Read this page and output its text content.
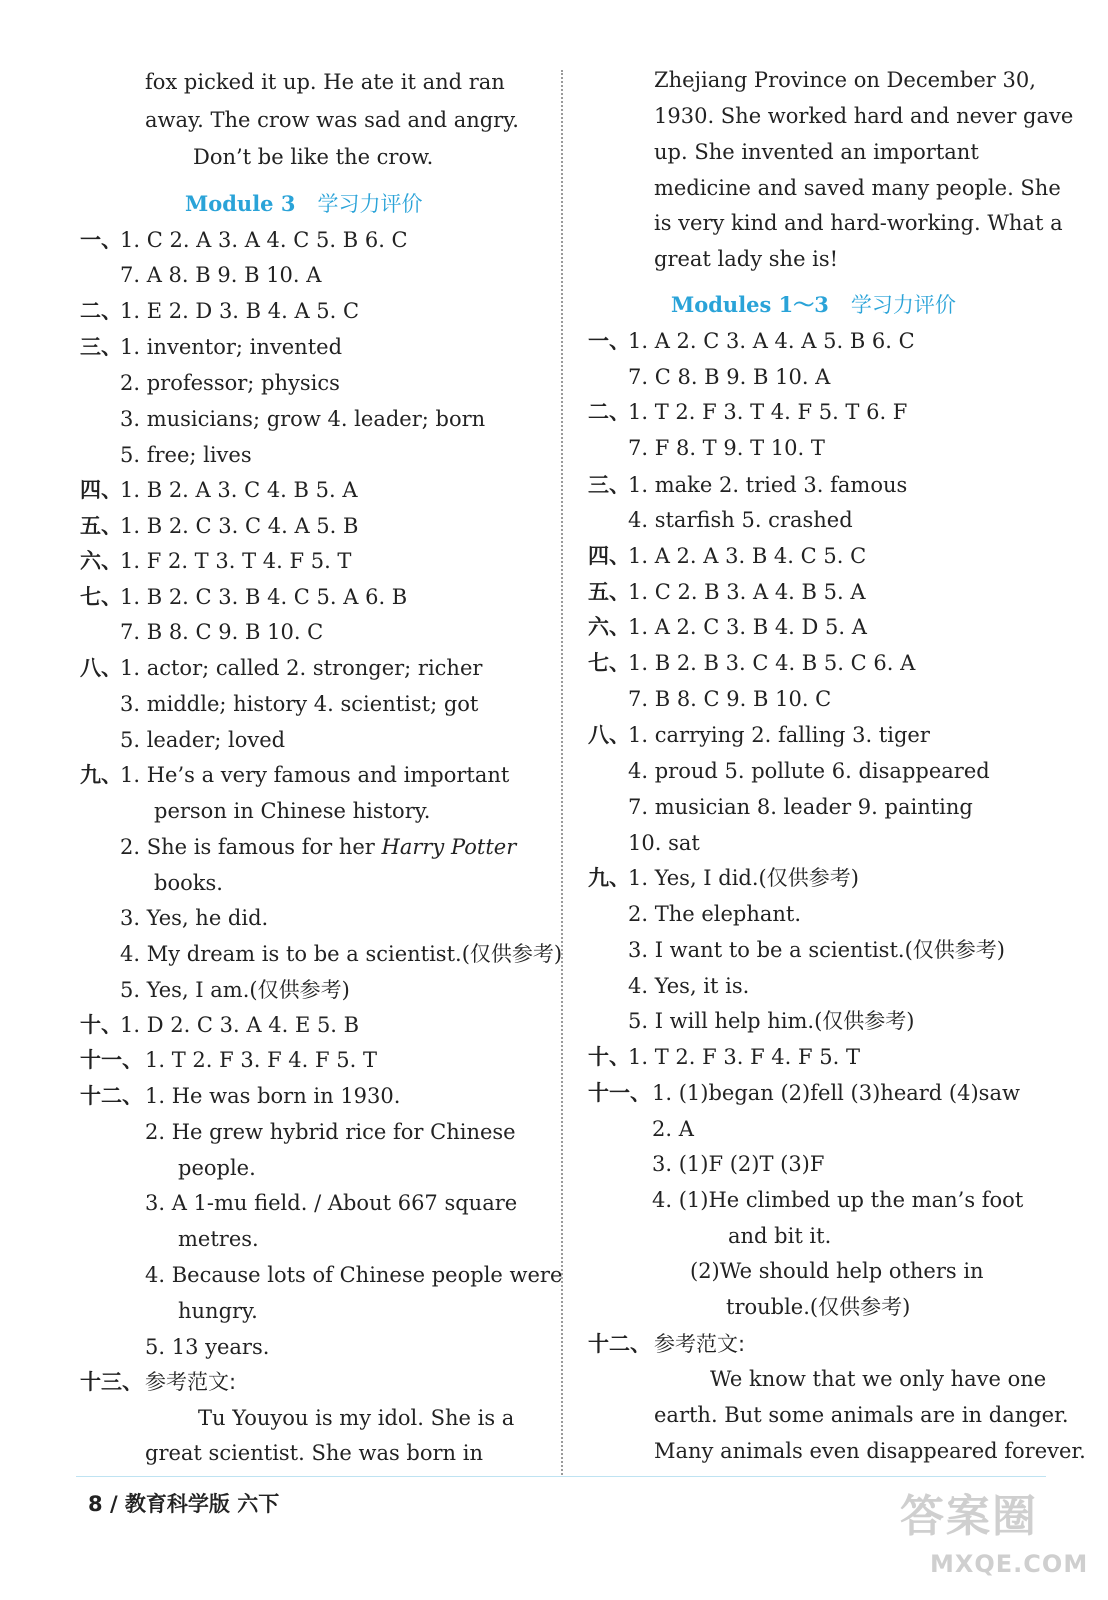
fox picked it up. He ate it and ran
away. The crow was sad and angry.
Don’t be like the crow.
Module 3 学习力评价
一、
1. C 2. A 3. A 4. C 5. B 6. C
7. A 8. B 9. B 10. A
二、
1. E 2. D 3. B 4. A 5. C
三、
1. inventor; invented
2. professor; physics
3. musicians; grow 4. leader; born
5. free; lives
四、
1. B 2. A 3. C 4. B 5. A
五、
1. B 2. C 3. C 4. A 5. B
六、
1. F 2. T 3. T 4. F 5. T
七、
1. B 2. C 3. B 4. C 5. A 6. B
7. B 8. C 9. B 10. C
八、
1. actor; called 2. stronger; richer
3. middle; history 4. scientist; got
5. leader; loved
九、
1. He’s a very famous and important
person in Chinese history.
2. She is famous for her Harry Potter
books.
3. Yes, he did.
4. My dream is to be a scientist.(仅供参考)
5. Yes, I am.(仅供参考)
十、
1. D 2. C 3. A 4. E 5. B
十一、 1. T 2. F 3. F 4. F 5. T
十二、 1. He was born in 1930.
2. He grew hybrid rice for Chinese
people.
3. A 1-mu field. / About 667 square
metres.
4. Because lots of Chinese people were
hungry.
5. 13 years.
十三、 参考范文:
Tu Youyou is my idol. She is a
great scientist. She was born in
Zhejiang Province on December 30,
1930. She worked hard and never gave
up. She invented an important
medicine and saved many people. She
is very kind and hard-working. What a
great lady she is!
Modules 1～3 学习力评价
一、
1. A 2. C 3. A 4. A 5. B 6. C
7. C 8. B 9. B 10. A
二、
1. T 2. F 3. T 4. F 5. T 6. F
7. F 8. T 9. T 10. T
三、
1. make 2. tried 3. famous
4. starfish 5. crashed
四、
1. A 2. A 3. B 4. C 5. C
五、
1. C 2. B 3. A 4. B 5. A
六、
1. A 2. C 3. B 4. D 5. A
七、
1. B 2. B 3. C 4. B 5. C 6. A
7. B 8. C 9. B 10. C
八、
1. carrying 2. falling 3. tiger
4. proud 5. pollute 6. disappeared
7. musician 8. leader 9. painting
10. sat
九、
1. Yes, I did.(仅供参考)
2. The elephant.
3. I want to be a scientist.(仅供参考)
4. Yes, it is.
5. I will help him.(仅供参考)
十、
1. T 2. F 3. F 4. F 5. T
十一、 1. (1)began (2)fell (3)heard (4)saw
2. A
3. (1)F (2)T (3)F
4. (1)He climbed up the man’s foot
and bit it.
(2)We should help others in
trouble.(仅供参考)
十二、 参考范文:
We know that we only have one
earth. But some animals are in danger.
Many animals even disappeared forever.
8 / 教育科学版 六下	答案圈
MXQE.COM
